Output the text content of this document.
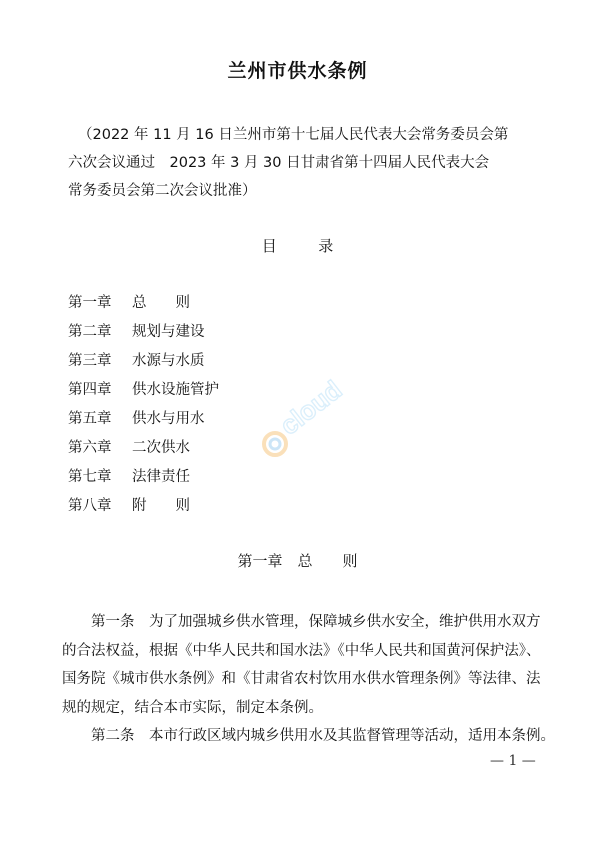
兰州市供水条例
（2022 年 11 月 16 日兰州市第十七届人民代表大会常务委员会第
六次会议通过　2023 年 3 月 30 日甘肃省第十四届人民代表大会
常务委员会第二次会议批准）
目	录
第一章 总　　则
第二章 规划与建设
第三章 水源与水质
第四章 供水设施管护
第五章 供水与用水
第六章 二次供水
第七章 法律责任
第八章 附　　则
cloud
第一章　总　　则
　　第一条　为了加强城乡供水管理，保障城乡供水安全，维护供用水双方
的合法权益，根据《中华人民共和国水法》《中华人民共和国黄河保护法》、
国务院《城市供水条例》和《甘肃省农村饮用水供水管理条例》等法律、法
规的规定，结合本市实际，制定本条例。
　　第二条　本市行政区域内城乡供用水及其监督管理等活动，适用本条例。
— 1 —
